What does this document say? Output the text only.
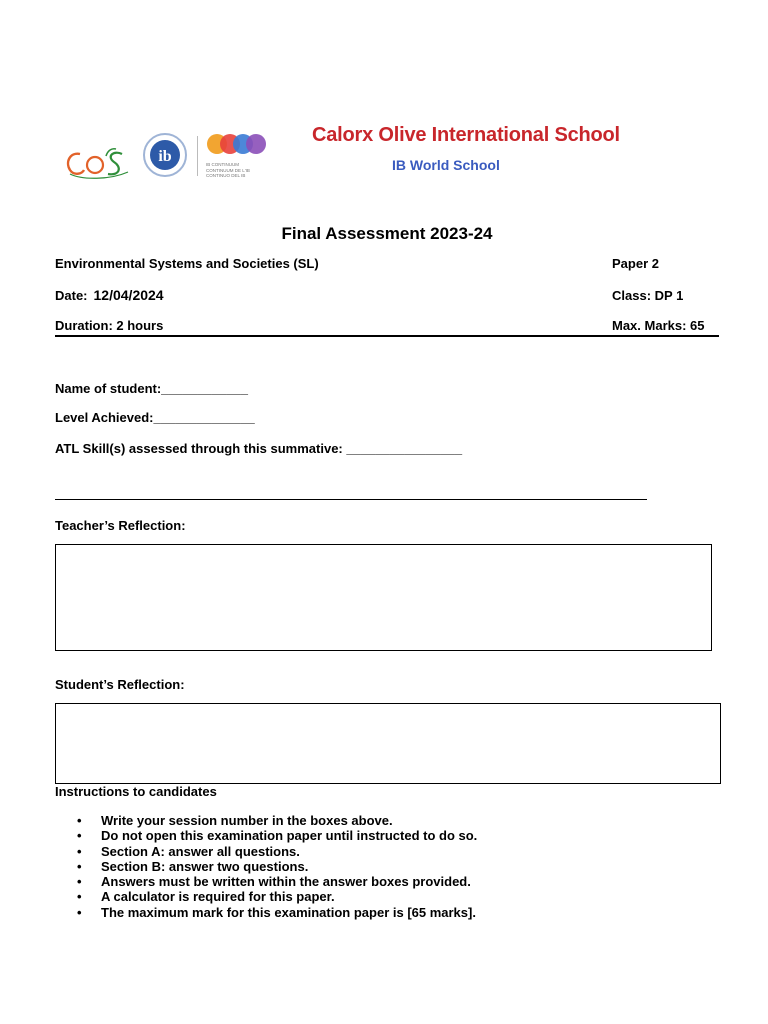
ib	IB CONTINUUM
CONTINUUM DE L'IB
CONTINUO DEL IB
Calorx Olive International School
IB World School
Final Assessment 2023-24
Environmental Systems and Societies (SL)	Paper 2
Date: 12/04/2024	Class: DP 1
Duration: 2 hours	Max. Marks: 65
Name of student:____________
Level Achieved:______________
ATL Skill(s) assessed through this summative: ________________
Teacher’s Reflection:
Student’s Reflection:
Instructions to candidates
• Write your session number in the boxes above.
• Do not open this examination paper until instructed to do so.
• Section A: answer all questions.
• Section B: answer two questions.
• Answers must be written within the answer boxes provided.
• A calculator is required for this paper.
• The maximum mark for this examination paper is [65 marks].
